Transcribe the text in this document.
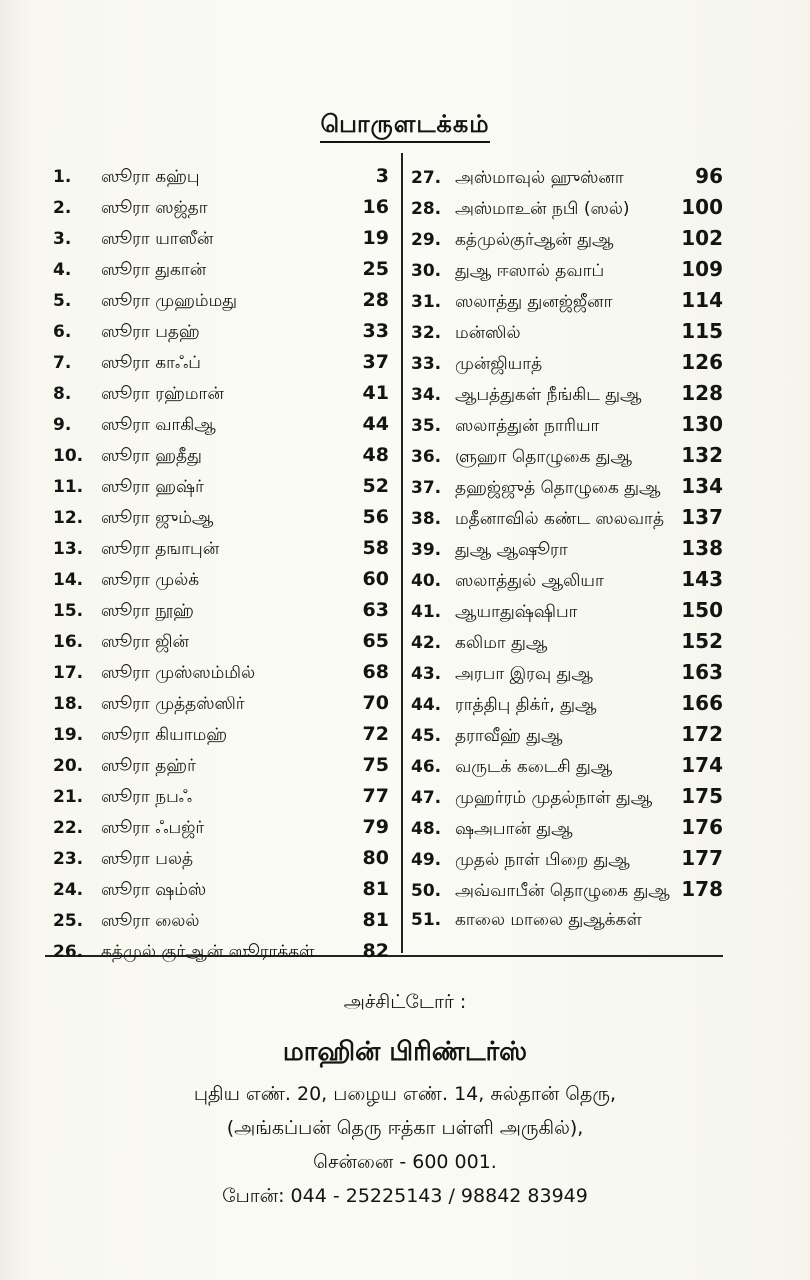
பொருளடக்கம்
1.	ஸூரா கஹ்பு	3
2.	ஸூரா ஸஜ்தா	16
3.	ஸூரா யாஸீன்	19
4.	ஸூரா துகான்	25
5.	ஸூரா முஹம்மது	28
6.	ஸூரா பதஹ்	33
7.	ஸூரா காஃப்	37
8.	ஸூரா ரஹ்மான்	41
9.	ஸூரா வாகிஆ	44
10.	ஸூரா ஹதீது	48
11.	ஸூரா ஹஷ்ர்	52
12.	ஸூரா ஜும்ஆ	56
13.	ஸூரா தஙாபுன்	58
14.	ஸூரா முல்க்	60
15.	ஸூரா நூஹ்	63
16.	ஸூரா ஜின்	65
17.	ஸூரா முஸ்ஸம்மில்	68
18.	ஸூரா முத்தஸ்ஸிர்	70
19.	ஸூரா கியாமஹ்	72
20.	ஸூரா தஹ்ர்	75
21.	ஸூரா நபஃ	77
22.	ஸூரா ஃபஜ்ர்	79
23.	ஸூரா பலத்	80
24.	ஸூரா ஷம்ஸ்	81
25.	ஸூரா லைல்	81
26.	கத்முல் குர்ஆன் ஸூராக்கள்	82
27. அஸ்மாவுல் ஹுஸ்னா	96
28. அஸ்மாஉன் நபி (ஸல்)	100
29. கத்முல்குர்ஆன் துஆ	102
30. துஆ ஈஸால் தவாப்	109
31. ஸலாத்து துனஜ்ஜீனா	114
32. மன்ஸில்	115
33. முன்ஜியாத்	126
34. ஆபத்துகள் நீங்கிட துஆ	128
35. ஸலாத்துன் நாரியா	130
36. ளுஹா தொழுகை துஆ	132
37. தஹஜ்ஜுத் தொழுகை துஆ	134
38. மதீனாவில் கண்ட ஸலவாத் 137
39. துஆ ஆஷூரா	138
40. ஸலாத்துல் ஆலியா	143
41. ஆயாதுஷ்ஷிபா	150
42. கலிமா துஆ	152
43. அரபா இரவு துஆ	163
44. ராத்திபு திக்ர், துஆ	166
45. தராவீஹ் துஆ	172
46. வருடக் கடைசி துஆ	174
47. முஹர்ரம் முதல்நாள் துஆ	175
48. ஷஅபான் துஆ	176
49. முதல் நாள் பிறை துஆ	177
50. அவ்வாபீன் தொழுகை துஆ 178
51. காலை மாலை துஆக்கள்
அச்சிட்டோர் :
மாஹின் பிரிண்டர்ஸ்
புதிய எண். 20, பழைய எண். 14, சுல்தான் தெரு,
(அங்கப்பன் தெரு ஈத்கா பள்ளி அருகில்),
சென்னை - 600 001.
போன்: 044 - 25225143 / 98842 83949
